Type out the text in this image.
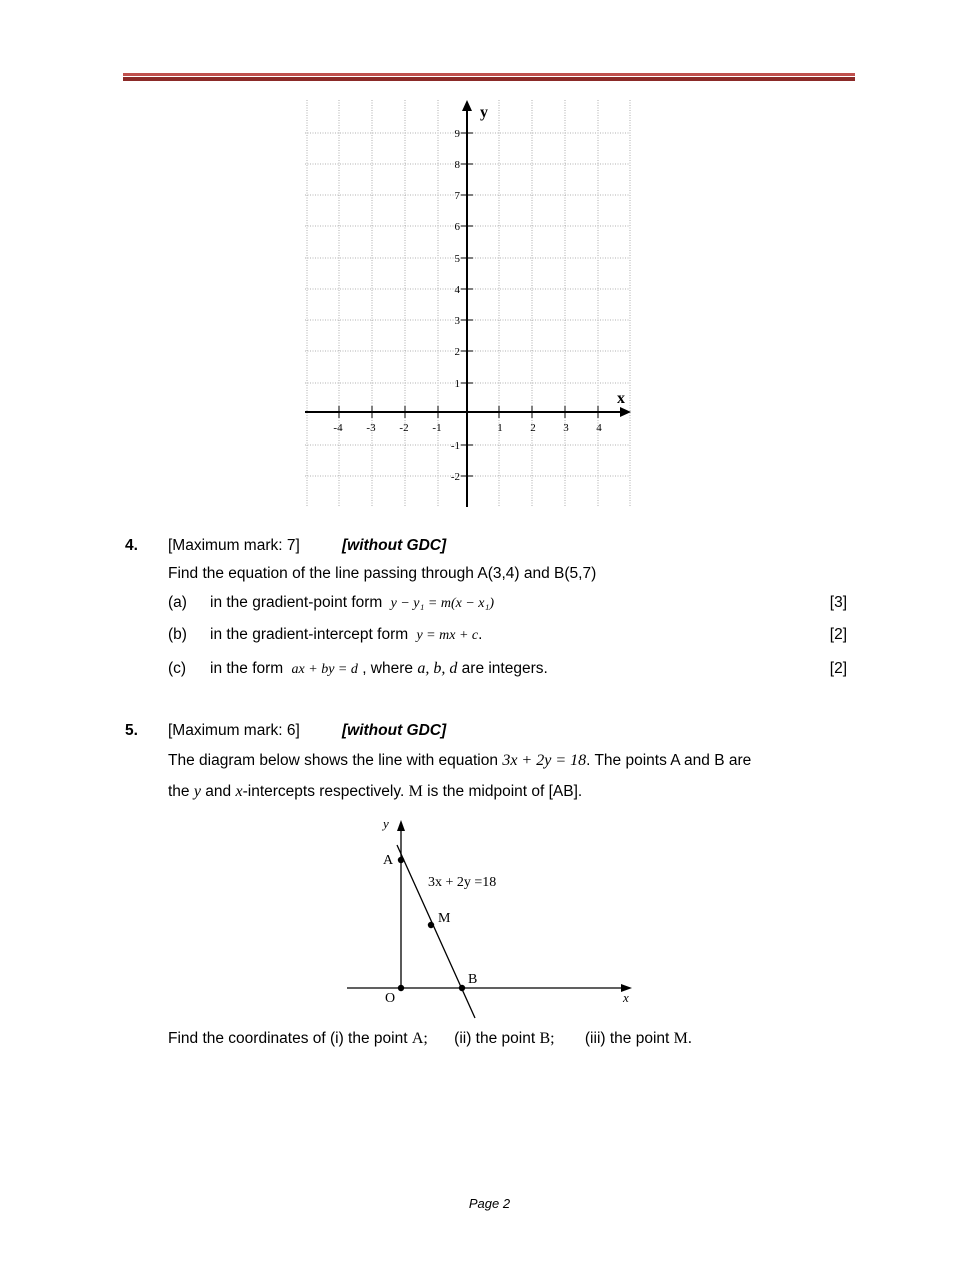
9
8
7
6
5
4
3
2
1
-1
-2
-4 -3 -2 -1	1	2	3	4
y
x
4. [Maximum mark: 7]	[without GDC]
Find the equation of the line passing through A(3,4) and B(5,7)
(a) in the gradient-point form y − y₁ = m(x − x₁)	[3]
(b) in the gradient-intercept form y = mx + c.	[2]
(c) in the form ax + by = d , where a, b, d are integers.	[2]
5. [Maximum mark: 6]	[without GDC]
The diagram below shows the line with equation 3x + 2y = 18. The points A and B are
the y and x-intercepts respectively. M is the midpoint of [AB].
y
x
O
A
M
B
3x + 2y =18
Find the coordinates of (i) the point A; (ii) the point B; (iii) the point M.
Page 2
